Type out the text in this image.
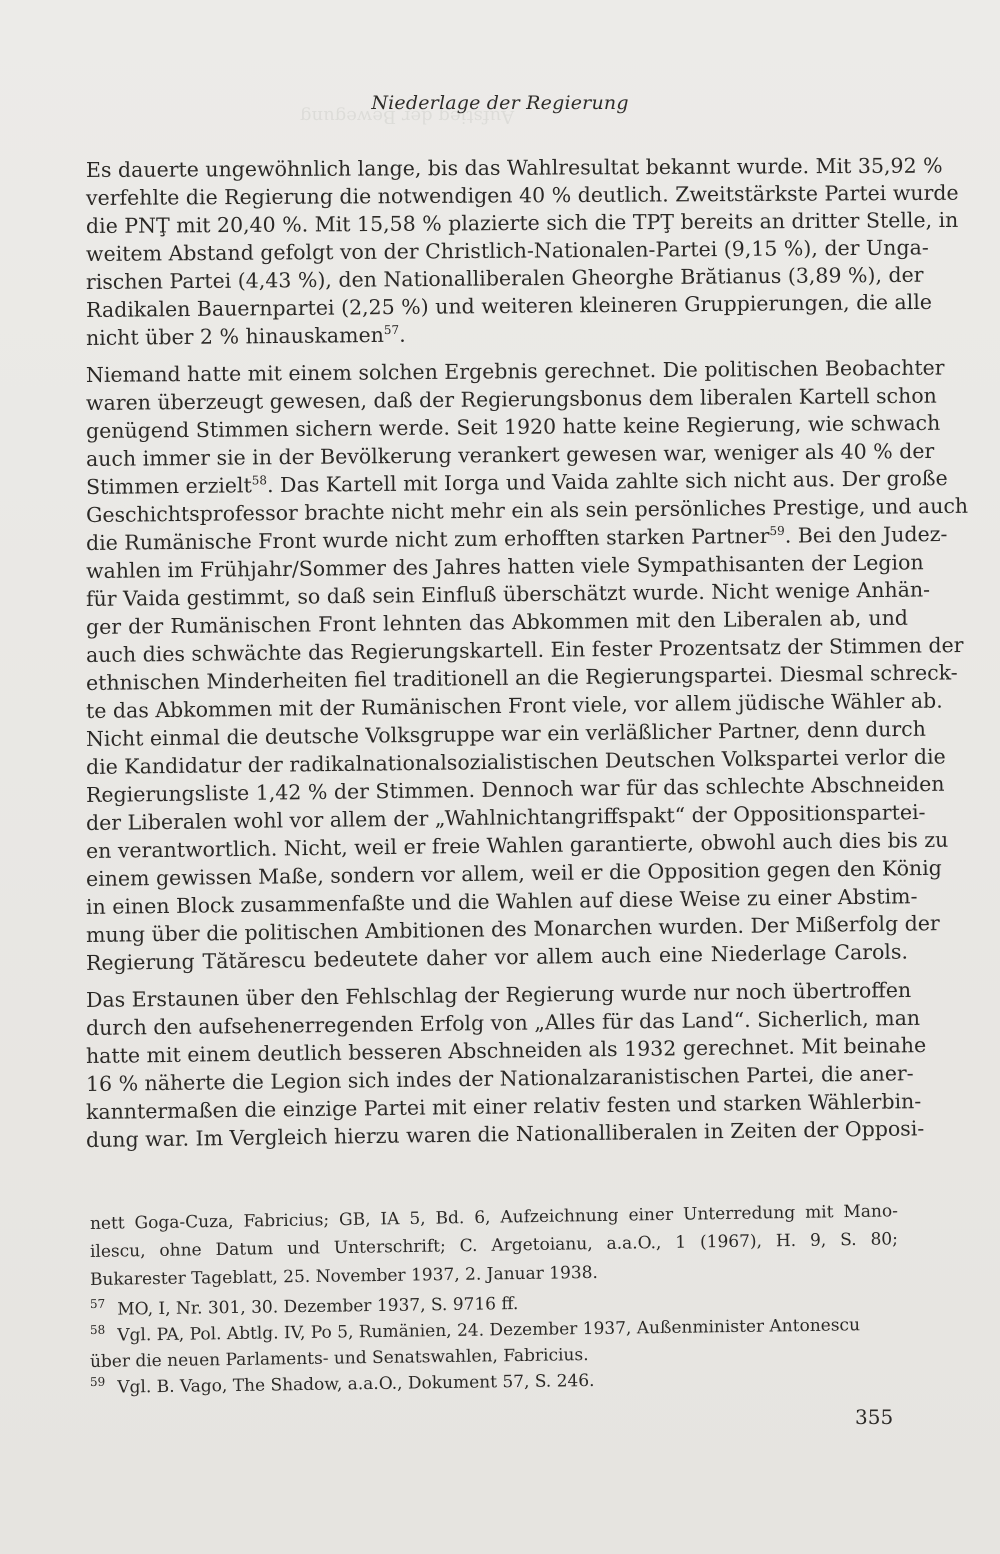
Aufstieg der Bewegung
Niederlage der Regierung
Es dauerte ungewöhnlich lange, bis das Wahlresultat bekannt wurde. Mit 35,92 %
verfehlte die Regierung die notwendigen 40 % deutlich. Zweitstärkste Partei wurde
die PNŢ mit 20,40 %. Mit 15,58 % plazierte sich die TPŢ bereits an dritter Stelle, in
weitem Abstand gefolgt von der Christlich-Nationalen-Partei (9,15 %), der Unga-
rischen Partei (4,43 %), den Nationalliberalen Gheorghe Brătianus (3,89 %), der
Radikalen Bauernpartei (2,25 %) und weiteren kleineren Gruppierungen, die alle
nicht über 2 % hinauskamen$^{57}$.
Niemand hatte mit einem solchen Ergebnis gerechnet. Die politischen Beobachter
waren überzeugt gewesen, daß der Regierungsbonus dem liberalen Kartell schon
genügend Stimmen sichern werde. Seit 1920 hatte keine Regierung, wie schwach
auch immer sie in der Bevölkerung verankert gewesen war, weniger als 40 % der
Stimmen erzielt$^{58}$. Das Kartell mit Iorga und Vaida zahlte sich nicht aus. Der große
Geschichtsprofessor brachte nicht mehr ein als sein persönliches Prestige, und auch
die Rumänische Front wurde nicht zum erhofften starken Partner$^{59}$. Bei den Judez-
wahlen im Frühjahr/Sommer des Jahres hatten viele Sympathisanten der Legion
für Vaida gestimmt, so daß sein Einfluß überschätzt wurde. Nicht wenige Anhän-
ger der Rumänischen Front lehnten das Abkommen mit den Liberalen ab, und
auch dies schwächte das Regierungskartell. Ein fester Prozentsatz der Stimmen der
ethnischen Minderheiten fiel traditionell an die Regierungspartei. Diesmal schreck-
te das Abkommen mit der Rumänischen Front viele, vor allem jüdische Wähler ab.
Nicht einmal die deutsche Volksgruppe war ein verläßlicher Partner, denn durch
die Kandidatur der radikalnationalsozialistischen Deutschen Volkspartei verlor die
Regierungsliste 1,42 % der Stimmen. Dennoch war für das schlechte Abschneiden
der Liberalen wohl vor allem der „Wahlnichtangriffspakt“ der Oppositionspartei-
en verantwortlich. Nicht, weil er freie Wahlen garantierte, obwohl auch dies bis zu
einem gewissen Maße, sondern vor allem, weil er die Opposition gegen den König
in einen Block zusammenfaßte und die Wahlen auf diese Weise zu einer Abstim-
mung über die politischen Ambitionen des Monarchen wurden. Der Mißerfolg der
Regierung Tătărescu bedeutete daher vor allem auch eine Niederlage Carols.
Das Erstaunen über den Fehlschlag der Regierung wurde nur noch übertroffen
durch den aufsehenerregenden Erfolg von „Alles für das Land“. Sicherlich, man
hatte mit einem deutlich besseren Abschneiden als 1932 gerechnet. Mit beinahe
16 % näherte die Legion sich indes der Nationalzaranistischen Partei, die aner-
kanntermaßen die einzige Partei mit einer relativ festen und starken Wählerbin-
dung war. Im Vergleich hierzu waren die Nationalliberalen in Zeiten der Opposi-
nett Goga-Cuza, Fabricius; GB, IA 5, Bd. 6, Aufzeichnung einer Unterredung mit Mano-
ilescu, ohne Datum und Unterschrift; C. Argetoianu, a.a.O., 1 (1967), H. 9, S. 80;
Bukarester Tageblatt, 25. November 1937, 2. Januar 1938.
$^{57}$ MO, I, Nr. 301, 30. Dezember 1937, S. 9716 ff.
$^{58}$ Vgl. PA, Pol. Abtlg. IV, Po 5, Rumänien, 24. Dezember 1937, Außenminister Antonescu
über die neuen Parlaments- und Senatswahlen, Fabricius.
$^{59}$ Vgl. B. Vago, The Shadow, a.a.O., Dokument 57, S. 246.
355
